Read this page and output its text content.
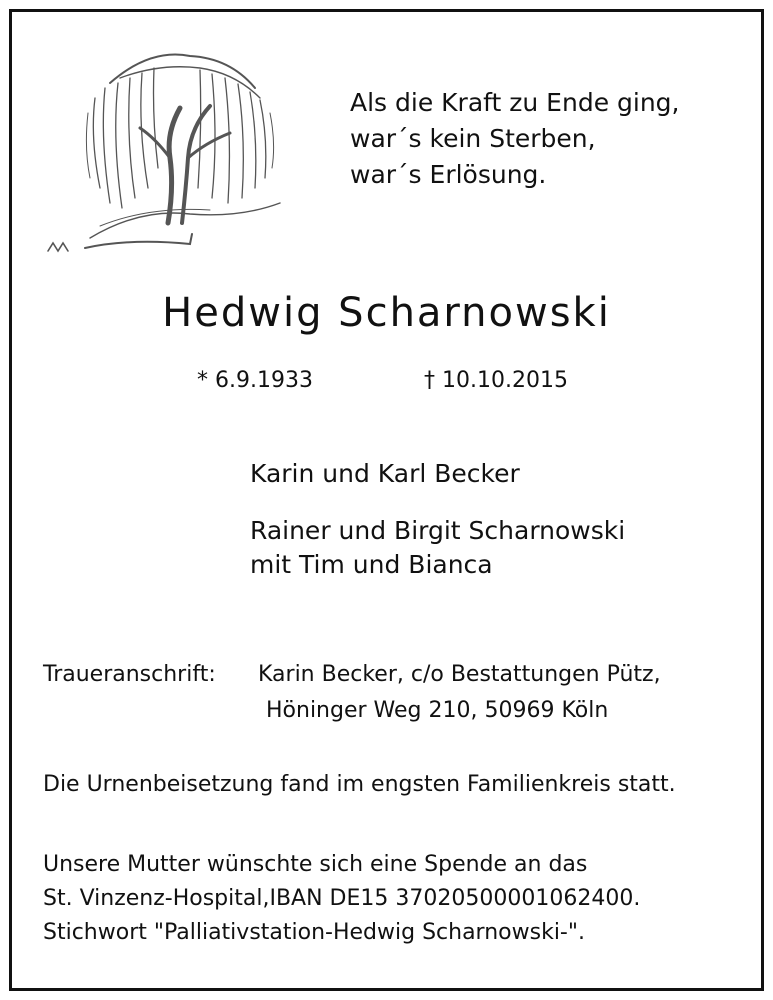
Als die Kraft zu Ende ging,
war´s kein Sterben,
war´s Erlösung.
Hedwig Scharnowski
* 6.9.1933	† 10.10.2015
Karin und Karl Becker
Rainer und Birgit Scharnowski
mit Tim und Bianca
Traueranschrift: Karin Becker, c/o Bestattungen Pütz,
Höninger Weg 210, 50969 Köln
Die Urnenbeisetzung fand im engsten Familienkreis statt.
Unsere Mutter wünschte sich eine Spende an das
St. Vinzenz-Hospital,IBAN DE15 37020500001062400.
Stichwort "Palliativstation-Hedwig Scharnowski-".
